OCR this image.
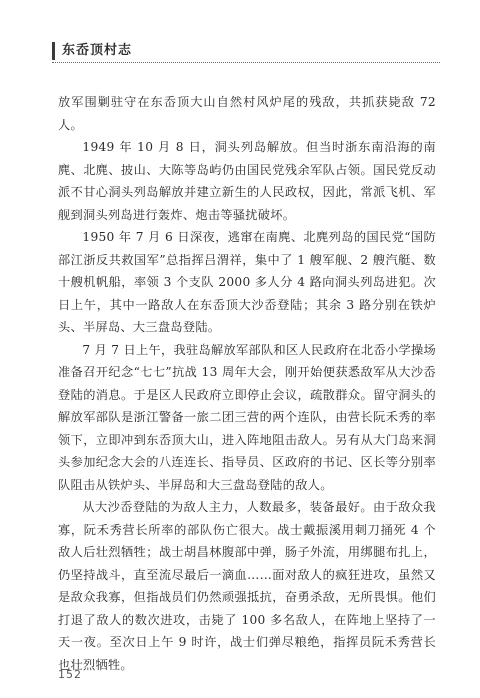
东岙顶村志

放军围剿驻守在东岙顶大山自然村风炉尾的残敌，共抓获毙敌 72 人。

1949 年 10 月 8 日，洞头列岛解放。但当时浙东南沿海的南麂、北麂、披山、大陈等岛屿仍由国民党残余军队占领。国民党反动派不甘心洞头列岛解放并建立新生的人民政权，因此，常派飞机、军舰到洞头列岛进行轰炸、炮击等骚扰破坏。

1950 年 7 月 6 日深夜，逃窜在南麂、北麂列岛的国民党“国防部江浙反共救国军”总指挥吕渭祥，集中了 1 艘军舰、2 艘汽艇、数十艘机帆船，率领 3 个支队 2000 多人分 4 路向洞头列岛进犯。次日上午，其中一路敌人在东岙顶大沙岙登陆；其余 3 路分别在铁炉头、半屏岛、大三盘岛登陆。

7 月 7 日上午，我驻岛解放军部队和区人民政府在北岙小学操场准备召开纪念“七七”抗战 13 周年大会，刚开始便获悉敌军从大沙岙登陆的消息。于是区人民政府立即停止会议，疏散群众。留守洞头的解放军部队是浙江警备一旅二团三营的两个连队，由营长阮禾秀的率领下，立即冲到东岙顶大山，进入阵地阻击敌人。另有从大门岛来洞头参加纪念大会的八连连长、指导员、区政府的书记、区长等分别率队阻击从铁炉头、半屏岛和大三盘岛登陆的敌人。

从大沙岙登陆的为敌人主力，人数最多，装备最好。由于敌众我寡，阮禾秀营长所率的部队伤亡很大。战士戴振溪用刺刀捅死 4 个敌人后壮烈牺牲；战士胡昌林腹部中弹，肠子外流，用绑腿布扎上，仍坚持战斗，直至流尽最后一滴血……面对敌人的疯狂进攻，虽然又是敌众我寡，但指战员们仍然顽强抵抗，奋勇杀敌，无所畏惧。他们打退了敌人的数次进攻，击毙了 100 多名敌人，在阵地上坚持了一天一夜。至次日上午 9 时许，战士们弹尽粮绝，指挥员阮禾秀营长也壮烈牺牲。

152
